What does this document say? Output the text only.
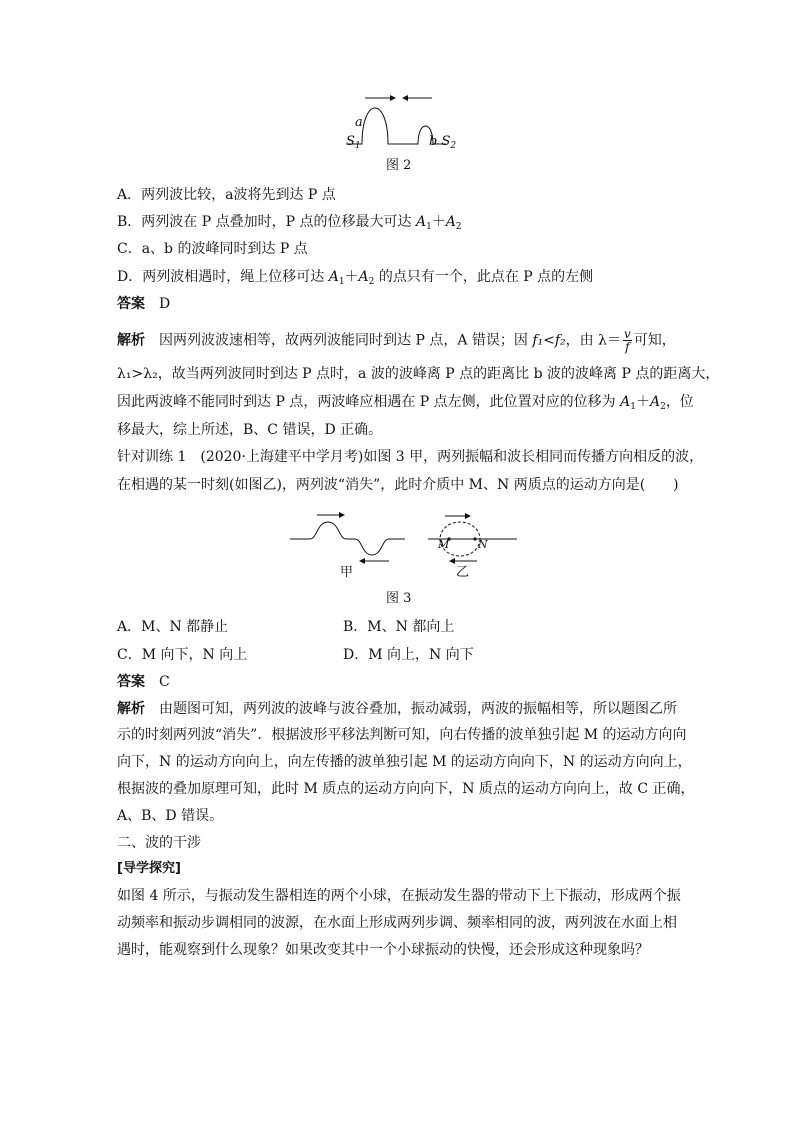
a
$S_1$	b $S_2$
图 2
A．两列波比较，a波将先到达 P 点
B．两列波在 P 点叠加时，P 点的位移最大可达 $A_1+A_2$
C．a、b 的波峰同时到达 P 点
D．两列波相遇时，绳上位移可达 $A_1+A_2$ 的点只有一个，此点在 P 点的左侧
答案　 D
解析　 因两列波波速相等，故两列波能同时到达 P 点，A 错误；因 f₁<f₂，由 $\lambda= \frac{v}{f}$ 可知，
λ₁>λ₂，故当两列波同时到达 P 点时，a 波的波峰离 P 点的距离比 b 波的波峰离 P 点的距离大，
因此两波峰不能同时到达 P 点，两波峰应相遇在 P 点左侧，此位置对应的位移为 $A_1+A_2$，位
移最大，综上所述，B、C 错误，D 正确。
针对训练 1　(2020·上海建平中学月考)如图 3 甲，两列振幅和波长相同而传播方向相反的波，
在相遇的某一时刻(如图乙)，两列波“消失”，此时介质中 M、N 两质点的运动方向是(　　)
M	N
甲	乙
图 3
A．M、N 都静止	B．M、N 都向上
C．M 向下，N 向上	D．M 向上，N 向下
答案　 C
解析　 由题图可知，两列波的波峰与波谷叠加，振动减弱，两波的振幅相等，所以题图乙所
示的时刻两列波“消失”．根据波形平移法判断可知，向右传播的波单独引起 M 的运动方向向
向下，N 的运动方向向上，向左传播的波单独引起 M 的运动方向向下，N 的运动方向向上，
根据波的叠加原理可知，此时 M 质点的运动方向向下，N 质点的运动方向向上，故 C 正确，
A、B、D 错误。
二、波的干涉
[导学探究]
如图 4 所示，与振动发生器相连的两个小球，在振动发生器的带动下上下振动，形成两个振
动频率和振动步调相同的波源，在水面上形成两列步调、频率相同的波，两列波在水面上相
遇时，能观察到什么现象？如果改变其中一个小球振动的快慢，还会形成这种现象吗？
